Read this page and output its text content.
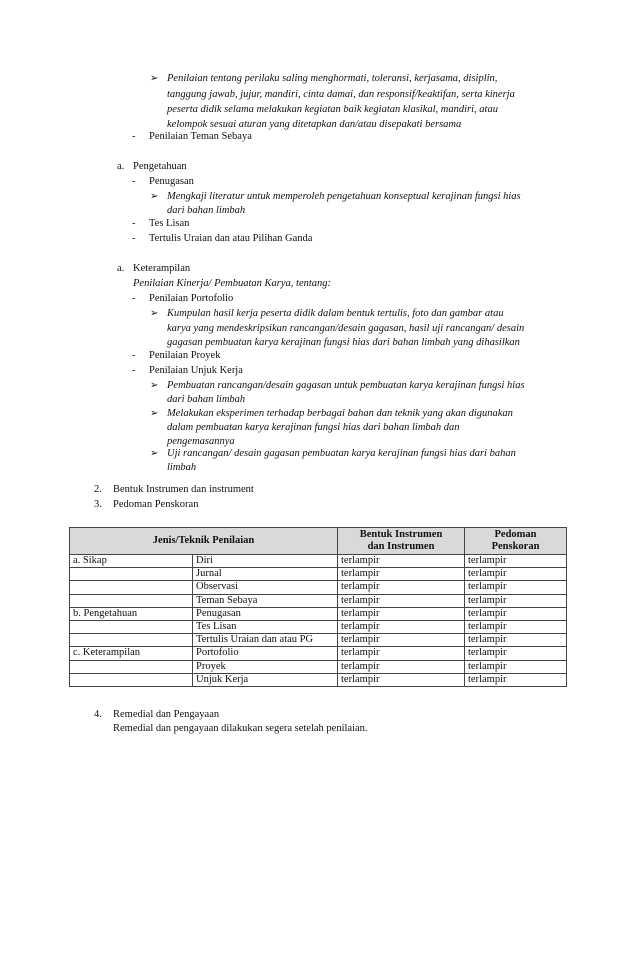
➢ Penilaian tentang perilaku saling menghormati, toleransi, kerjasama, disiplin,
tanggung jawab, jujur, mandiri, cinta damai, dan responsif/keaktifan, serta kinerja
peserta didik selama melakukan kegiatan baik kegiatan klasikal, mandiri, atau
kelompok sesuai aturan yang ditetapkan dan/atau disepakati bersama
- Penilaian Teman Sebaya
a. Pengetahuan
- Penugasan
➢ Mengkaji literatur untuk memperoleh pengetahuan konseptual kerajinan fungsi hias
dari bahan limbah
- Tes Lisan
- Tertulis Uraian dan atau Pilihan Ganda
a. Keterampilan
Penilaian Kinerja/ Pembuatan Karya, tentang:
- Penilaian Portofolio
➢ Kumpulan hasil kerja peserta didik dalam bentuk tertulis, foto dan gambar atau
karya yang mendeskripsikan rancangan/desain gagasan, hasil uji rancangan/ desain
gagasan pembuatan karya kerajinan fungsi hias dari bahan limbah yang dihasilkan
- Penilaian Proyek
- Penilaian Unjuk Kerja
➢ Pembuatan rancangan/desain gagasan untuk pembuatan karya kerajinan fungsi hias
dari bahan limbah
➢ Melakukan eksperimen terhadap berbagai bahan dan teknik yang akan digunakan
dalam pembuatan karya kerajinan fungsi hias dari bahan limbah dan
pengemasannya
➢ Uji rancangan/ desain gagasan pembuatan karya kerajinan fungsi hias dari bahan
limbah
2. Bentuk Instrumen dan instrument
3. Pedoman Penskoran
Jenis/Teknik Penilaian		Bentuk Instrumen
dan Instrumen	Pedoman
Penskoran
a. Sikap	Diri	terlampir	terlampir
	Jurnal	terlampir	terlampir
	Observasi	terlampir	terlampir
	Teman Sebaya	terlampir	terlampir
b. Pengetahuan	Penugasan	terlampir	terlampir
	Tes Lisan	terlampir	terlampir
	Tertulis Uraian dan atau PG	terlampir	terlampir
c. Keterampilan	Portofolio	terlampir	terlampir
	Proyek	terlampir	terlampir
	Unjuk Kerja	terlampir	terlampir
4. Remedial dan Pengayaan
Remedial dan pengayaan dilakukan segera setelah penilaian.
